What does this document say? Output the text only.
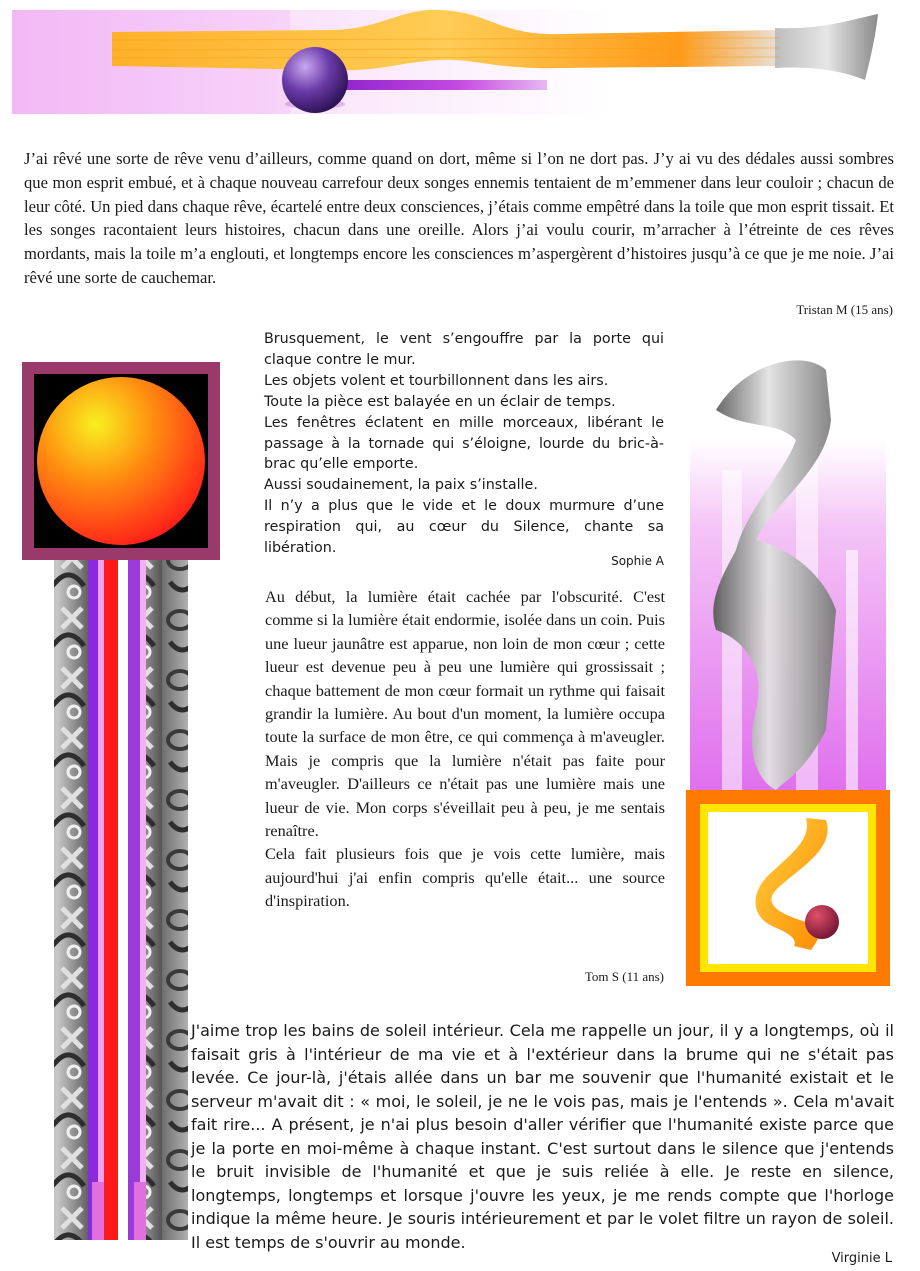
J’ai rêvé une sorte de rêve venu d’ailleurs, comme quand on dort, même si l’on ne dort pas. J’y ai vu des dédales aussi sombres que mon esprit embué, et à chaque nouveau carrefour deux songes ennemis tentaient de m’emmener dans leur couloir ; chacun de leur côté. Un pied dans chaque rêve, écartelé entre deux consciences, j’étais comme empêtré dans la toile que mon esprit tissait. Et les songes racontaient leurs histoires, chacun dans une oreille. Alors j’ai voulu courir, m’arracher à l’étreinte de ces rêves mordants, mais la toile m’a englouti, et longtemps encore les consciences m’aspergèrent d’histoires jusqu’à ce que je me noie. J’ai rêvé une sorte de cauchemar.

Tristan M (15 ans)

Brusquement, le vent s’engouffre par la porte qui claque contre le mur.

Les objets volent et tourbillonnent dans les airs.

Toute la pièce est balayée en un éclair de temps.

Les fenêtres éclatent en mille morceaux, libérant le passage à la tornade qui s’éloigne, lourde du bric-à-brac qu’elle emporte.

Aussi soudainement, la paix s’installe.

Il n’y a plus que le vide et le doux murmure d’une respiration qui, au cœur du Silence, chante sa libération.

Sophie A

Au début, la lumière était cachée par l'obscurité. C'est comme si la lumière était endormie, isolée dans un coin. Puis une lueur jaunâtre est apparue, non loin de mon cœur ; cette lueur est devenue peu à peu une lumière qui grossissait ; chaque battement de mon cœur formait un rythme qui faisait grandir la lumière. Au bout d'un moment, la lumière occupa toute la surface de mon être, ce qui commença à m'aveugler. Mais je compris que la lumière n'était pas faite pour m'aveugler. D'ailleurs ce n'était pas une lumière mais une lueur de vie. Mon corps s'éveillait peu à peu, je me sentais renaître.

Cela fait plusieurs fois que je vois cette lumière, mais aujourd'hui j'ai enfin compris qu'elle était... une source d'inspiration.

Tom S (11 ans)

J'aime trop les bains de soleil intérieur. Cela me rappelle un jour, il y a longtemps, où il faisait gris à l'intérieur de ma vie et à l'extérieur dans la brume qui ne s'était pas levée. Ce jour-là, j'étais allée dans un bar me souvenir que l'humanité existait et le serveur m'avait dit : « moi, le soleil, je ne le vois pas, mais je l'entends ». Cela m'avait fait rire... A présent, je n'ai plus besoin d'aller vérifier que l'humanité existe parce que je la porte en moi-même à chaque instant. C'est surtout dans le silence que j'entends le bruit invisible de l'humanité et que je suis reliée à elle. Je reste en silence, longtemps, longtemps et lorsque j'ouvre les yeux, je me rends compte que l'horloge indique la même heure. Je souris intérieurement et par le volet filtre un rayon de soleil. Il est temps de s'ouvrir au monde.

Virginie L
